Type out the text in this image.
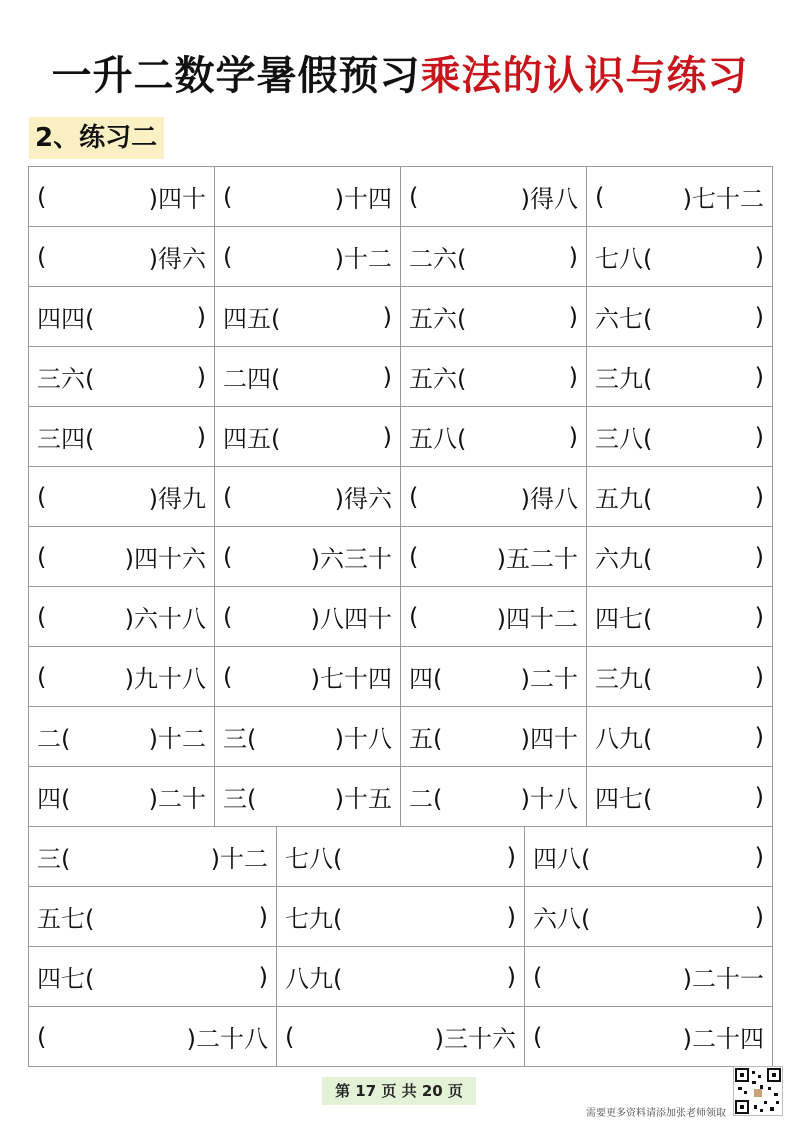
一升二数学暑假预习乘法的认识与练习
2、练习二
( )四十	( )十四	( )得八	( )七十二

( )得六	( )十二	二六( )	七八( )

四四( )	四五( )	五六( )	六七( )

三六( )	二四( )	五六( )	三九( )

三四( )	四五( )	五八( )	三八( )

( )得九	( )得六	( )得八	五九( )

( )四十六	( )六三十	( )五二十	六九( )

( )六十八	( )八四十	( )四十二	四七( )

( )九十八	( )七十四	四( )二十	三九( )

二( )十二	三( )十八	五( )四十	八九( )

四( )二十	三( )十五	二( )十八	四七( )
三( )十二	七八( )	四八( )

五七( )	七九( )	六八( )

四七( )	八九( )	( )二十一

( )二十八	( )三十六	( )二十四
第 17 页 共 20 页
需要更多资料请添加张老师领取
